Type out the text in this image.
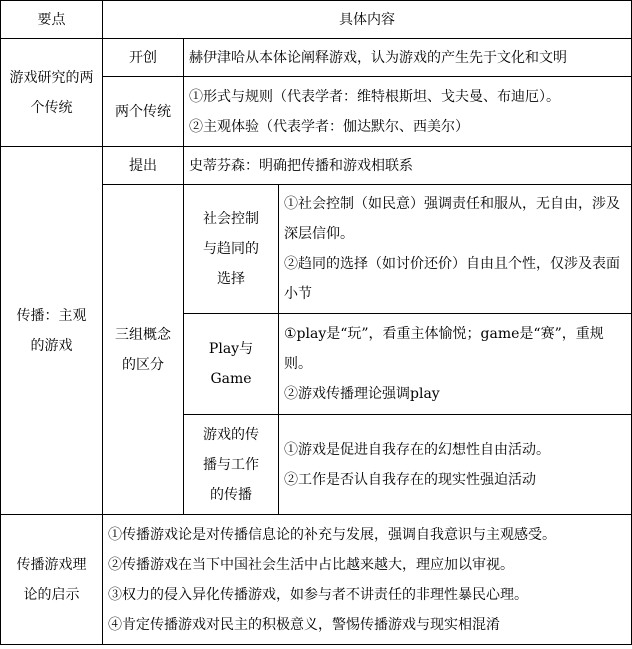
要点	具体内容		

游戏研究的两个传统	开创	赫伊津哈从本体论阐释游戏，认为游戏的产生先于文化和文明	

	两个传统	①形式与规则（代表学者：维特根斯坦、戈夫曼、布迪厄）。
②主观体验（代表学者：伽达默尔、西美尔）	

传播：主观的游戏	提出	史蒂芬森：明确把传播和游戏相联系	

	三组概念的区分	社会控制与趋同的选择	①社会控制（如民意）强调责任和服从，无自由，涉及深层信仰。
②趋同的选择（如讨价还价）自由且个性，仅涉及表面小节

		Play与Game	①play是“玩”，看重主体愉悦；game是“赛”，重规则。
②游戏传播理论强调play

		游戏的传播与工作的传播	①游戏是促进自我存在的幻想性自由活动。
②工作是否认自我存在的现实性强迫活动

传播游戏理论的启示	①传播游戏论是对传播信息论的补充与发展，强调自我意识与主观感受。
②传播游戏在当下中国社会生活中占比越来越大，理应加以审视。
③权力的侵入异化传播游戏，如参与者不讲责任的非理性暴民心理。
④肯定传播游戏对民主的积极意义，警惕传播游戏与现实相混淆		
